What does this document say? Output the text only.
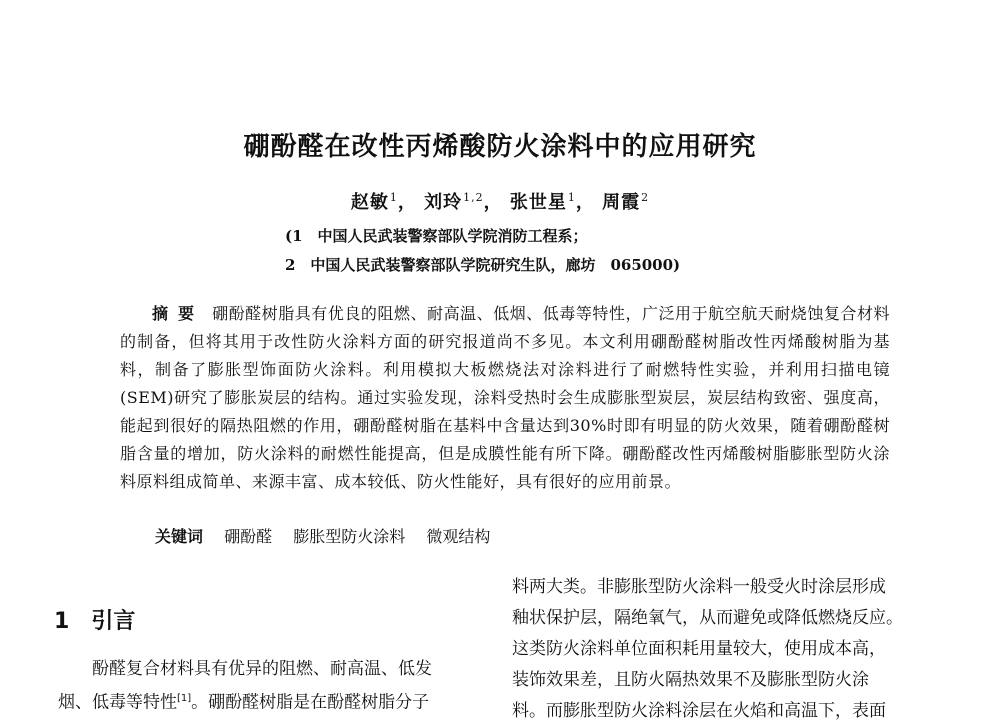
硼酚醛在改性丙烯酸防火涂料中的应用研究
赵敏$^1$， 刘玲$^{1,2}$， 张世星$^1$， 周霞$^2$
(1　中国人民武装警察部队学院消防工程系；
2　中国人民武装警察部队学院研究生队，廊坊　065000)
摘要 硼酚醛树脂具有优良的阻燃、耐高温、低烟、低毒等特性，广泛用于航空航天耐烧蚀复合材料的制备，但将其用于改性防火涂料方面的研究报道尚不多见。本文利用硼酚醛树脂改性丙烯酸树脂为基料，制备了膨胀型饰面防火涂料。利用模拟大板燃烧法对涂料进行了耐燃特性实验，并利用扫描电镜(SEM)研究了膨胀炭层的结构。通过实验发现，涂料受热时会生成膨胀型炭层，炭层结构致密、强度高，能起到很好的隔热阻燃的作用，硼酚醛树脂在基料中含量达到30%时即有明显的防火效果，随着硼酚醛树脂含量的增加，防火涂料的耐燃性能提高，但是成膜性能有所下降。硼酚醛改性丙烯酸树脂膨胀型防火涂料原料组成简单、来源丰富、成本较低、防火性能好，具有很好的应用前景。
关键词 硼酚醛 膨胀型防火涂料 微观结构
1 引言
酚醛复合材料具有优异的阻燃、耐高温、低发
烟、低毒等特性[1]。硼酚醛树脂是在酚醛树脂分子
料两大类。非膨胀型防火涂料一般受火时涂层形成
釉状保护层，隔绝氧气，从而避免或降低燃烧反应。
这类防火涂料单位面积耗用量较大，使用成本高，
装饰效果差，且防火隔热效果不及膨胀型防火涂
料。而膨胀型防火涂料涂层在火焰和高温下，表面
